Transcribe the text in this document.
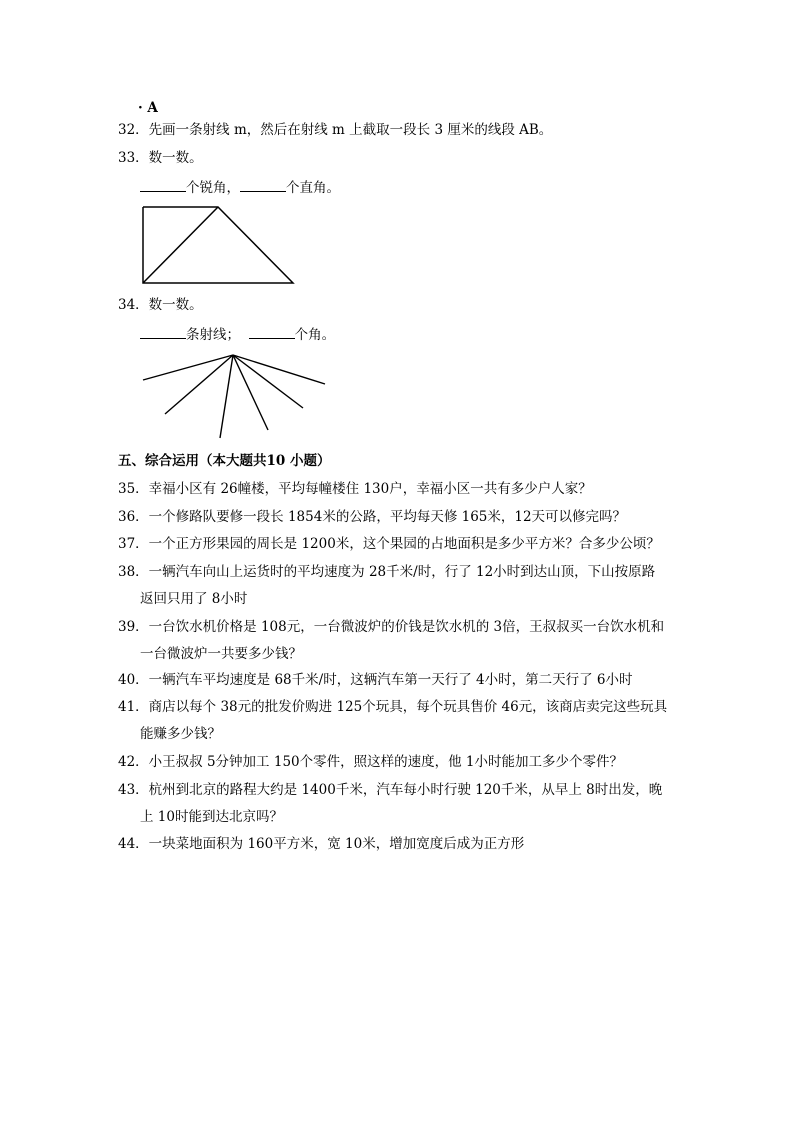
· A
32．先画一条射线 m，然后在射线 m 上截取一段长 3 厘米的线段 AB。
33．数一数。
个锐角，	个直角。
34．数一数。
条射线；	个角。
五、综合运用（本大题共10 小题）
35．幸福小区有 26幢楼，平均每幢楼住 130户，幸福小区一共有多少户人家？
36．一个修路队要修一段长 1854米的公路，平均每天修 165米，12天可以修完吗？
37．一个正方形果园的周长是 1200米，这个果园的占地面积是多少平方米？合多少公顷？
38．一辆汽车向山上运货时的平均速度为 28千米/时，行了 12小时到达山顶，下山按原路
返回只用了 8小时
39．一台饮水机价格是 108元，一台微波炉的价钱是饮水机的 3倍，王叔叔买一台饮水机和
一台微波炉一共要多少钱？
40．一辆汽车平均速度是 68千米/时，这辆汽车第一天行了 4小时，第二天行了 6小时
41．商店以每个 38元的批发价购进 125个玩具，每个玩具售价 46元，该商店卖完这些玩具
能赚多少钱？
42．小王叔叔 5分钟加工 150个零件，照这样的速度，他 1小时能加工多少个零件？
43．杭州到北京的路程大约是 1400千米，汽车每小时行驶 120千米，从早上 8时出发，晚
上 10时能到达北京吗？
44．一块菜地面积为 160平方米，宽 10米，增加宽度后成为正方形
